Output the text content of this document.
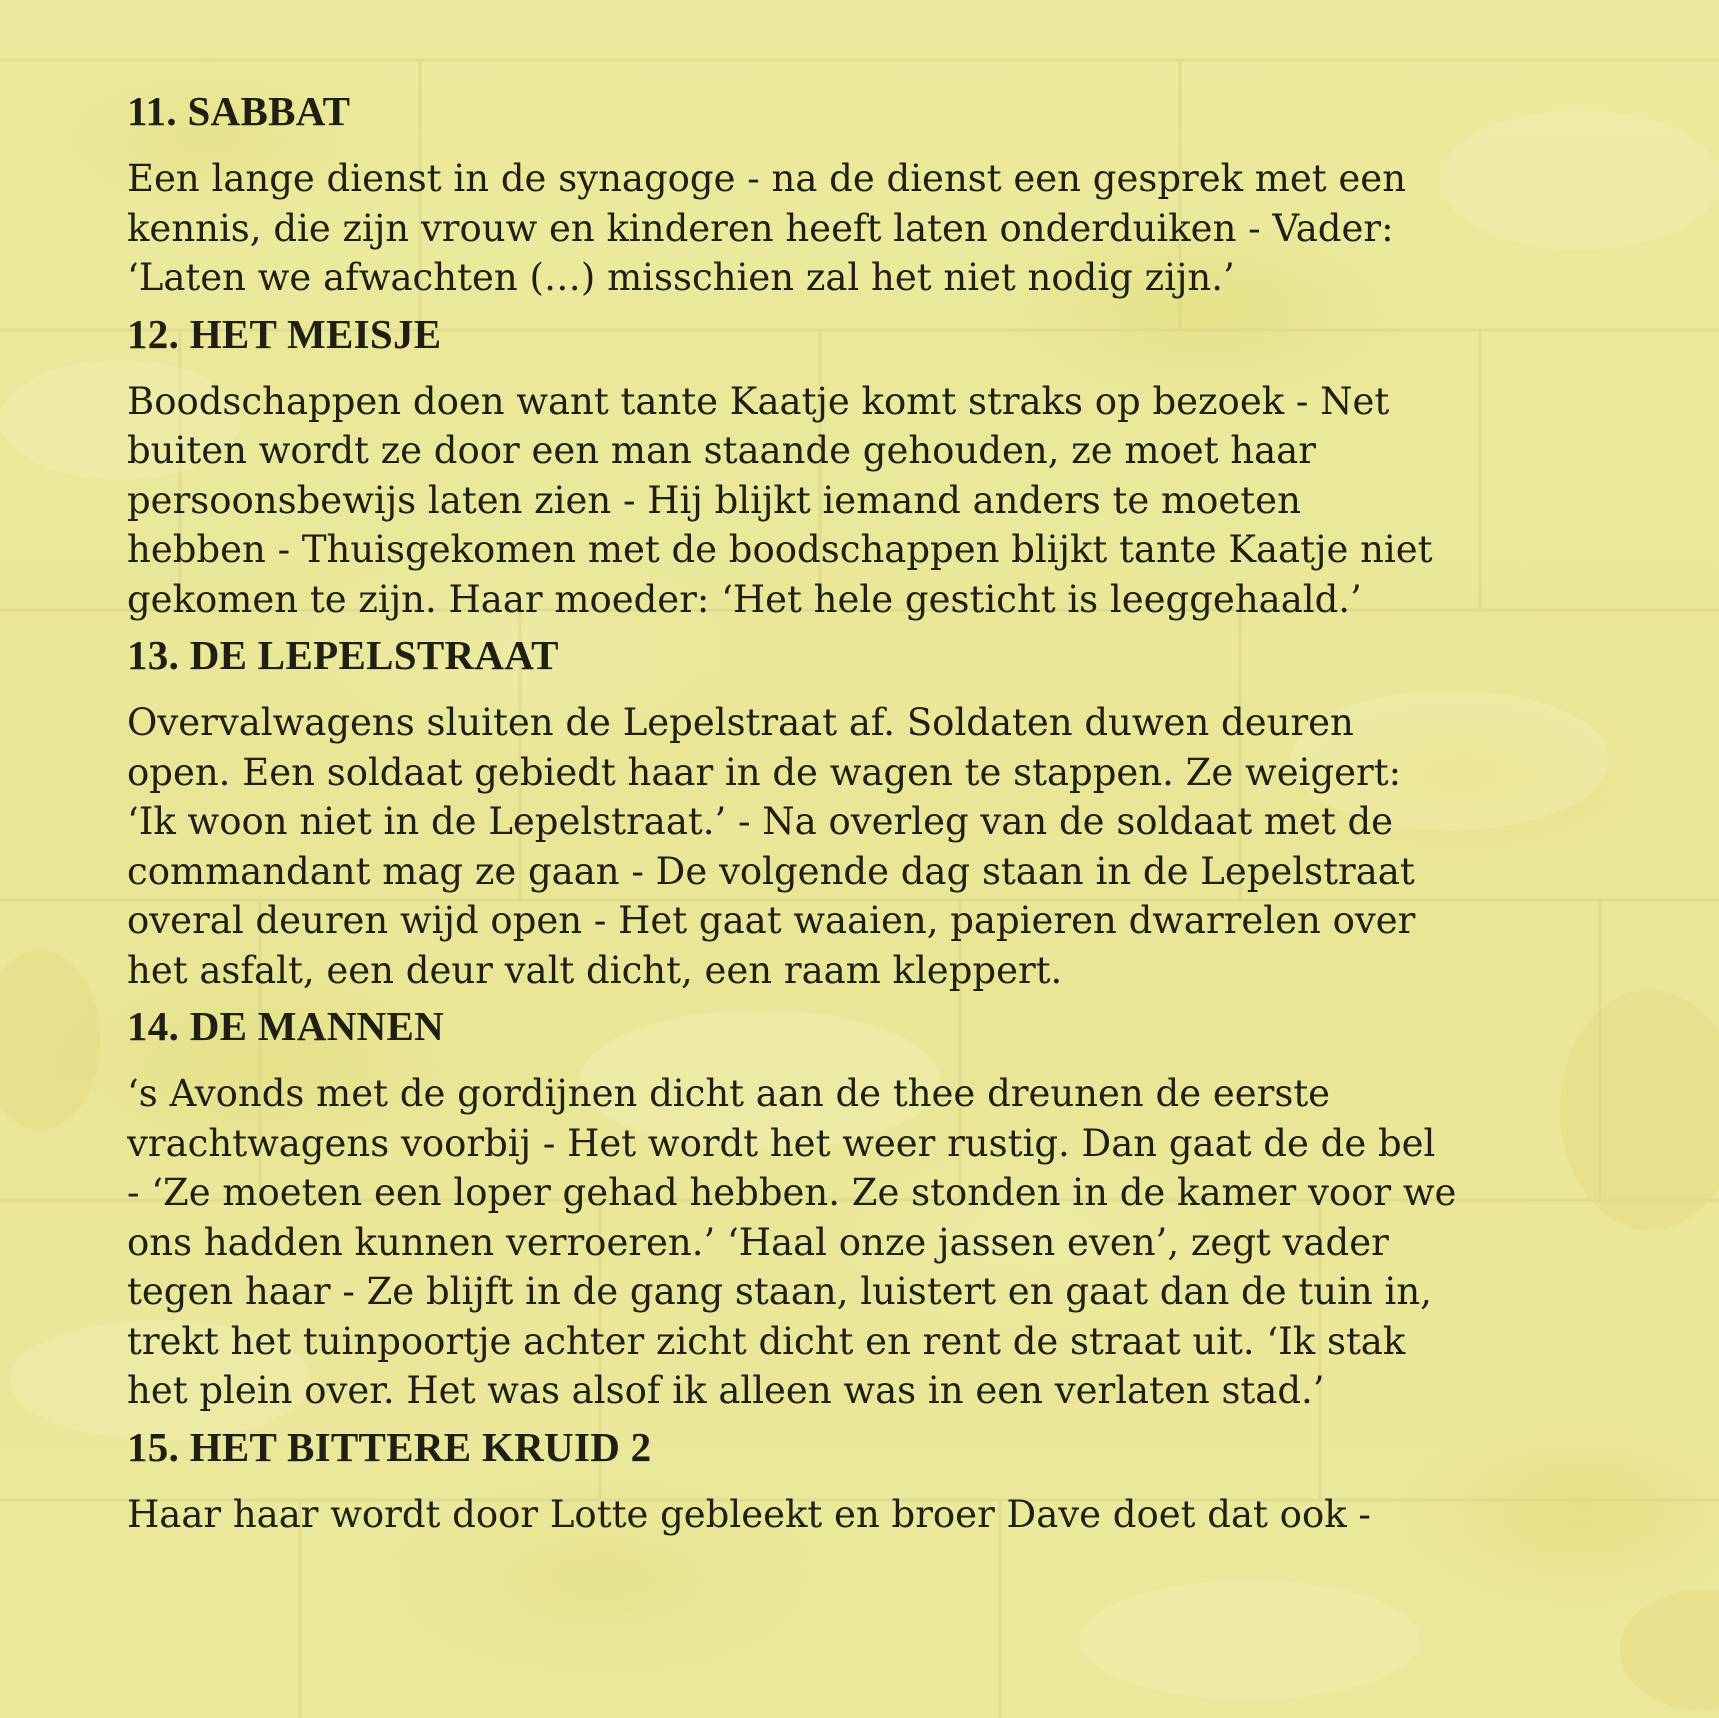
11. SABBAT
Een lange dienst in de synagoge - na de dienst een gesprek met een
kennis, die zijn vrouw en kinderen heeft laten onderduiken - Vader:
‘Laten we afwachten (…) misschien zal het niet nodig zijn.’
12. HET MEISJE
Boodschappen doen want tante Kaatje komt straks op bezoek - Net
buiten wordt ze door een man staande gehouden, ze moet haar
persoonsbewijs laten zien - Hij blijkt iemand anders te moeten
hebben - Thuisgekomen met de boodschappen blijkt tante Kaatje niet
gekomen te zijn. Haar moeder: ‘Het hele gesticht is leeggehaald.’
13. DE LEPELSTRAAT
Overvalwagens sluiten de Lepelstraat af. Soldaten duwen deuren
open. Een soldaat gebiedt haar in de wagen te stappen. Ze weigert:
‘Ik woon niet in de Lepelstraat.’ - Na overleg van de soldaat met de
commandant mag ze gaan - De volgende dag staan in de Lepelstraat
overal deuren wijd open - Het gaat waaien, papieren dwarrelen over
het asfalt, een deur valt dicht, een raam kleppert.
14. DE MANNEN
‘s Avonds met de gordijnen dicht aan de thee dreunen de eerste
vrachtwagens voorbij - Het wordt het weer rustig. Dan gaat de de bel
- ‘Ze moeten een loper gehad hebben. Ze stonden in de kamer voor we
ons hadden kunnen verroeren.’ ‘Haal onze jassen even’, zegt vader
tegen haar - Ze blijft in de gang staan, luistert en gaat dan de tuin in,
trekt het tuinpoortje achter zicht dicht en rent de straat uit. ‘Ik stak
het plein over. Het was alsof ik alleen was in een verlaten stad.’
15. HET BITTERE KRUID 2
Haar haar wordt door Lotte gebleekt en broer Dave doet dat ook -
